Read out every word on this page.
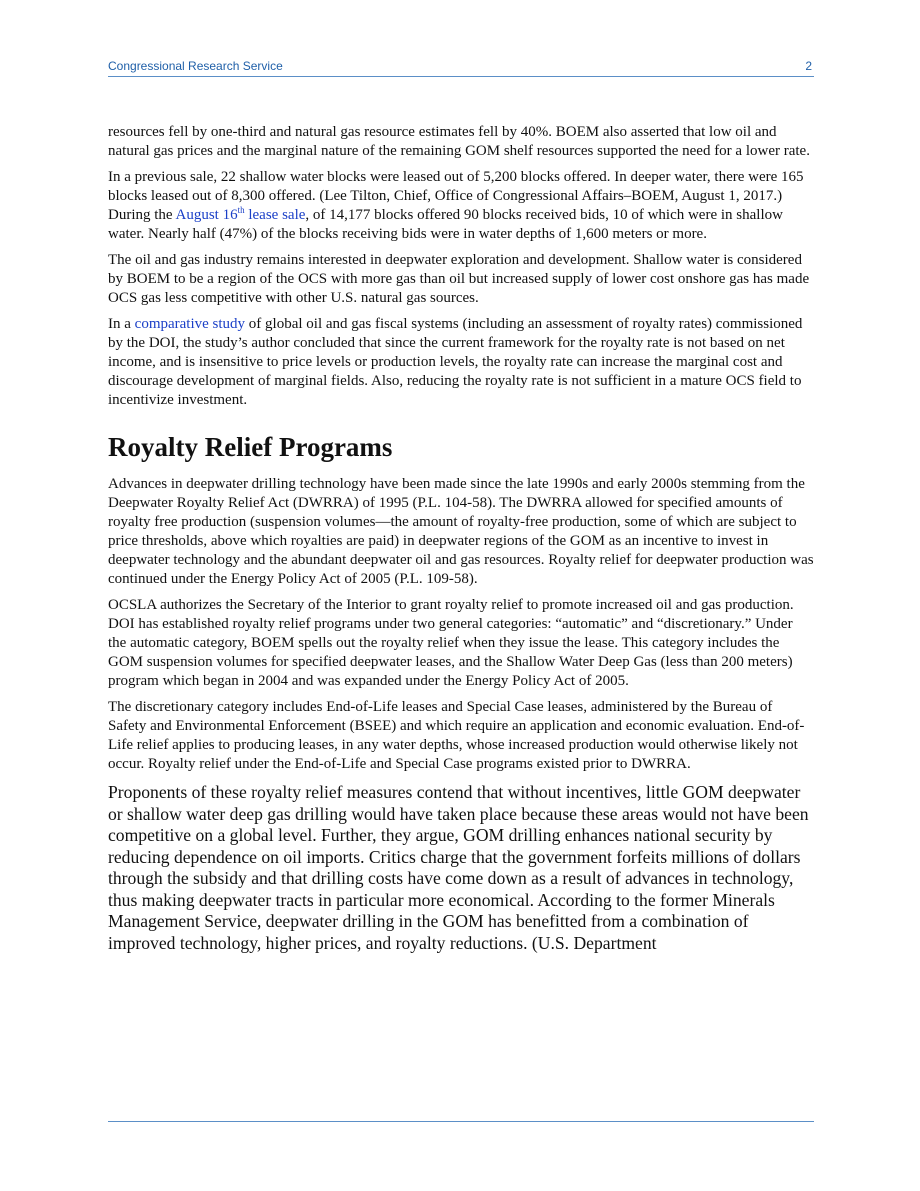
Congressional Research Service	2

resources fell by one-third and natural gas resource estimates fell by 40%. BOEM also asserted that low oil and natural gas prices and the marginal nature of the remaining GOM shelf resources supported the need for a lower rate.

In a previous sale, 22 shallow water blocks were leased out of 5,200 blocks offered. In deeper water, there were 165 blocks leased out of 8,300 offered. (Lee Tilton, Chief, Office of Congressional Affairs–BOEM, August 1, 2017.) During the August 16th lease sale, of 14,177 blocks offered 90 blocks received bids, 10 of which were in shallow water. Nearly half (47%) of the blocks receiving bids were in water depths of 1,600 meters or more.

The oil and gas industry remains interested in deepwater exploration and development. Shallow water is considered by BOEM to be a region of the OCS with more gas than oil but increased supply of lower cost onshore gas has made OCS gas less competitive with other U.S. natural gas sources.

In a comparative study of global oil and gas fiscal systems (including an assessment of royalty rates) commissioned by the DOI, the study’s author concluded that since the current framework for the royalty rate is not based on net income, and is insensitive to price levels or production levels, the royalty rate can increase the marginal cost and discourage development of marginal fields. Also, reducing the royalty rate is not sufficient in a mature OCS field to incentivize investment.

Royalty Relief Programs

Advances in deepwater drilling technology have been made since the late 1990s and early 2000s stemming from the Deepwater Royalty Relief Act (DWRRA) of 1995 (P.L. 104-58). The DWRRA allowed for specified amounts of royalty free production (suspension volumes—the amount of royalty-free production, some of which are subject to price thresholds, above which royalties are paid) in deepwater regions of the GOM as an incentive to invest in deepwater technology and the abundant deepwater oil and gas resources. Royalty relief for deepwater production was continued under the Energy Policy Act of 2005 (P.L. 109-58).

OCSLA authorizes the Secretary of the Interior to grant royalty relief to promote increased oil and gas production. DOI has established royalty relief programs under two general categories: “automatic” and “discretionary.” Under the automatic category, BOEM spells out the royalty relief when they issue the lease. This category includes the GOM suspension volumes for specified deepwater leases, and the Shallow Water Deep Gas (less than 200 meters) program which began in 2004 and was expanded under the Energy Policy Act of 2005.

The discretionary category includes End-of-Life leases and Special Case leases, administered by the Bureau of Safety and Environmental Enforcement (BSEE) and which require an application and economic evaluation. End-of-Life relief applies to producing leases, in any water depths, whose increased production would otherwise likely not occur. Royalty relief under the End-of-Life and Special Case programs existed prior to DWRRA.

Proponents of these royalty relief measures contend that without incentives, little GOM deepwater or shallow water deep gas drilling would have taken place because these areas would not have been competitive on a global level. Further, they argue, GOM drilling enhances national security by reducing dependence on oil imports. Critics charge that the government forfeits millions of dollars through the subsidy and that drilling costs have come down as a result of advances in technology, thus making deepwater tracts in particular more economical. According to the former Minerals Management Service, deepwater drilling in the GOM has benefitted from a combination of improved technology, higher prices, and royalty reductions. (U.S. Department
